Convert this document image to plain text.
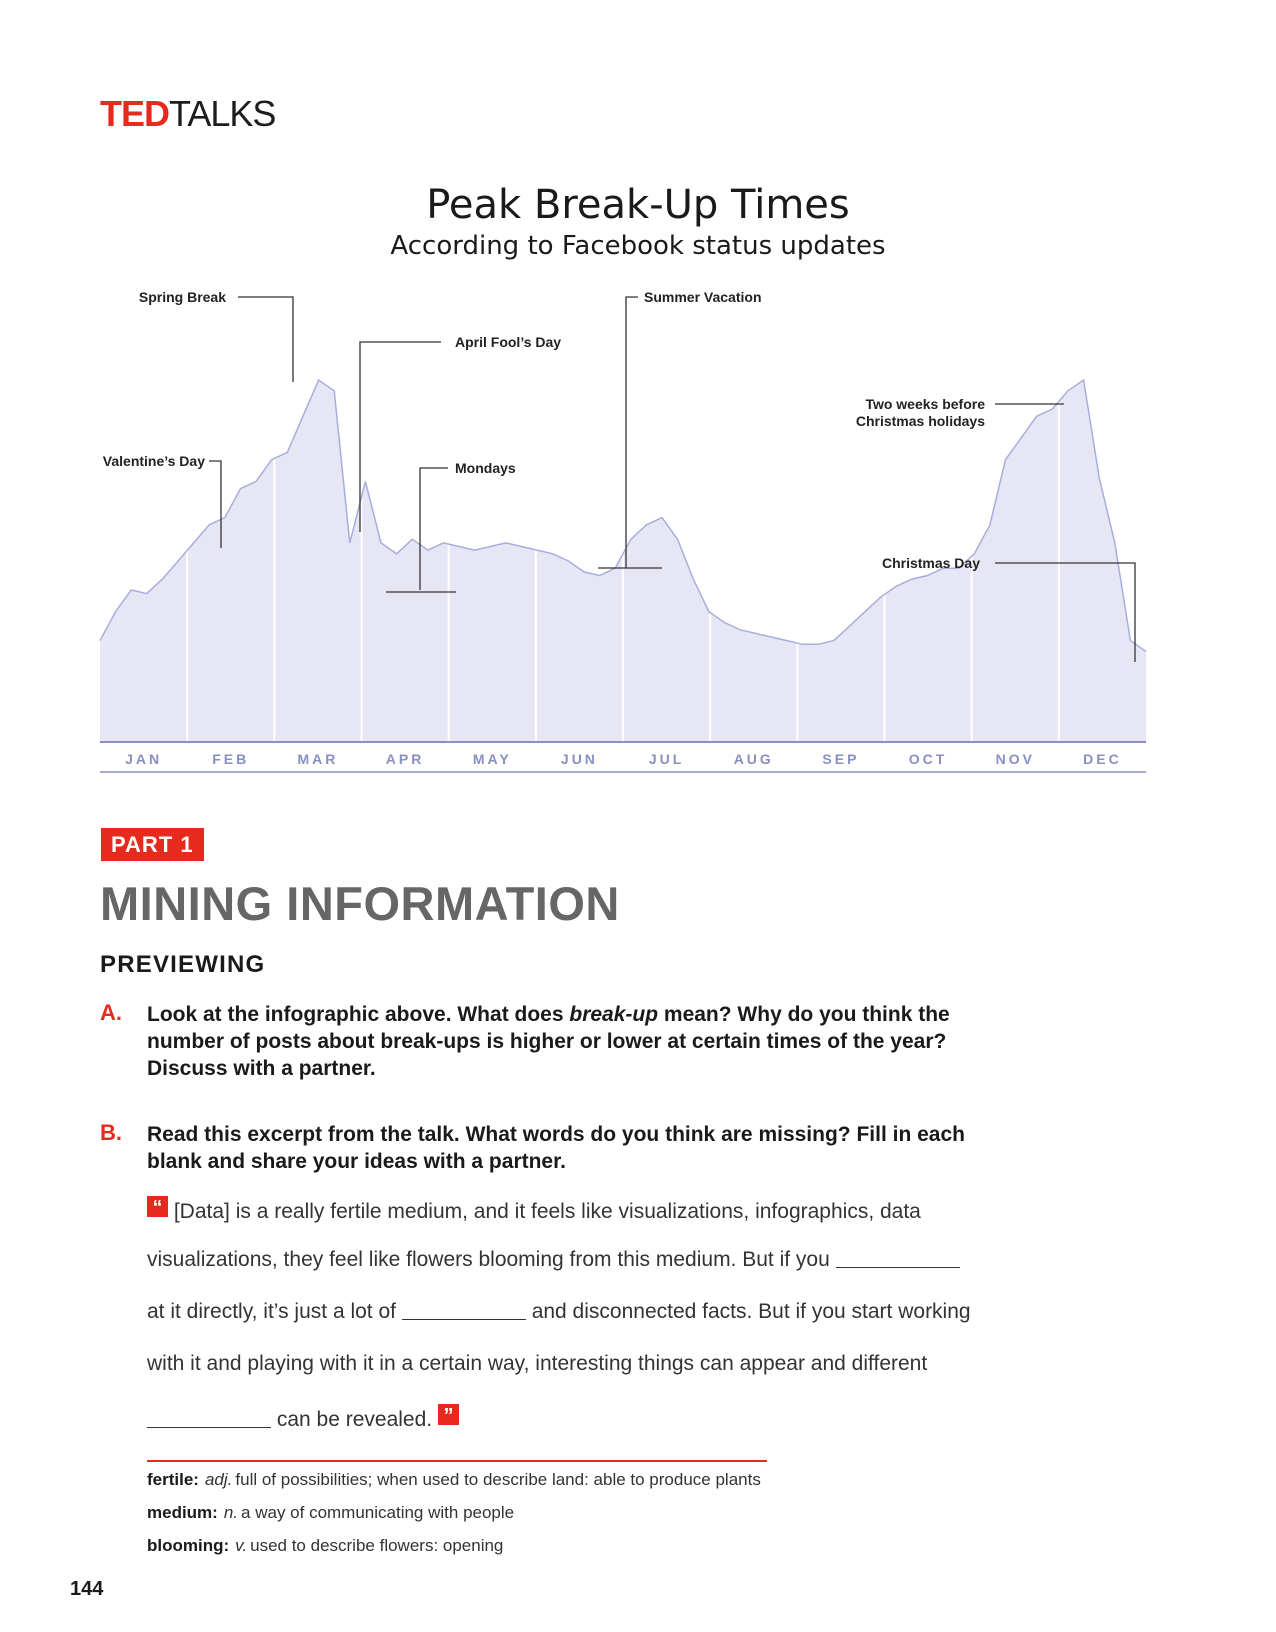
TEDTALKS
Peak Break-Up Times
According to Facebook status updates
JAN	FEB	MAR	APR	MAY	JUN	JUL	AUG	SEP	OCT	NOV	DEC
Spring Break
April Fool’s Day
Summer Vacation
Two weeks before
Christmas holidays
Valentine’s Day	Mondays
Christmas Day
PART 1
MINING INFORMATION
PREVIEWING
A. Look at the infographic above. What does break-up mean? Why do you think the
number of posts about break-ups is higher or lower at certain times of the year?
Discuss with a partner.
B. Read this excerpt from the talk. What words do you think are missing? Fill in each
blank and share your ideas with a partner.
“ [Data] is a really fertile medium, and it feels like visualizations, infographics, data
visualizations, they feel like flowers blooming from this medium. But if you
at it directly, it’s just a lot of	and disconnected facts. But if you start working
with it and playing with it in a certain way, interesting things can appear and different
can be revealed. ”
fertile: adj. full of possibilities; when used to describe land: able to produce plants
medium: n. a way of communicating with people
blooming: v. used to describe flowers: opening
144
